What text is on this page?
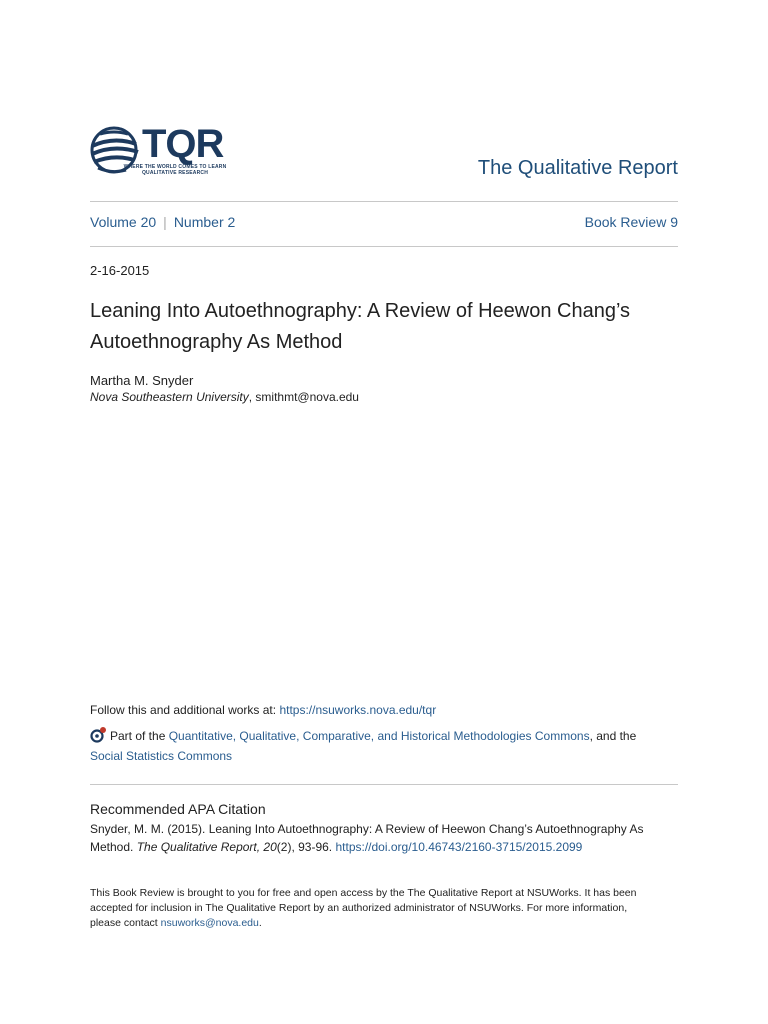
TQR
WHERE THE WORLD COMES TO LEARN
QUALITATIVE RESEARCH	The Qualitative Report
Volume 20 | Number 2	Book Review 9
2-16-2015
Leaning Into Autoethnography: A Review of Heewon Chang’s Autoethnography As Method
Martha M. Snyder
Nova Southeastern University, smithmt@nova.edu
Follow this and additional works at: https://nsuworks.nova.edu/tqr
Part of the Quantitative, Qualitative, Comparative, and Historical Methodologies Commons, and the
Social Statistics Commons
Recommended APA Citation
Snyder, M. M. (2015). Leaning Into Autoethnography: A Review of Heewon Chang’s Autoethnography As Method. The Qualitative Report, 20(2), 93-96. https://doi.org/10.46743/2160-3715/2015.2099
This Book Review is brought to you for free and open access by the The Qualitative Report at NSUWorks. It has been accepted for inclusion in The Qualitative Report by an authorized administrator of NSUWorks. For more information, please contact nsuworks@nova.edu.
